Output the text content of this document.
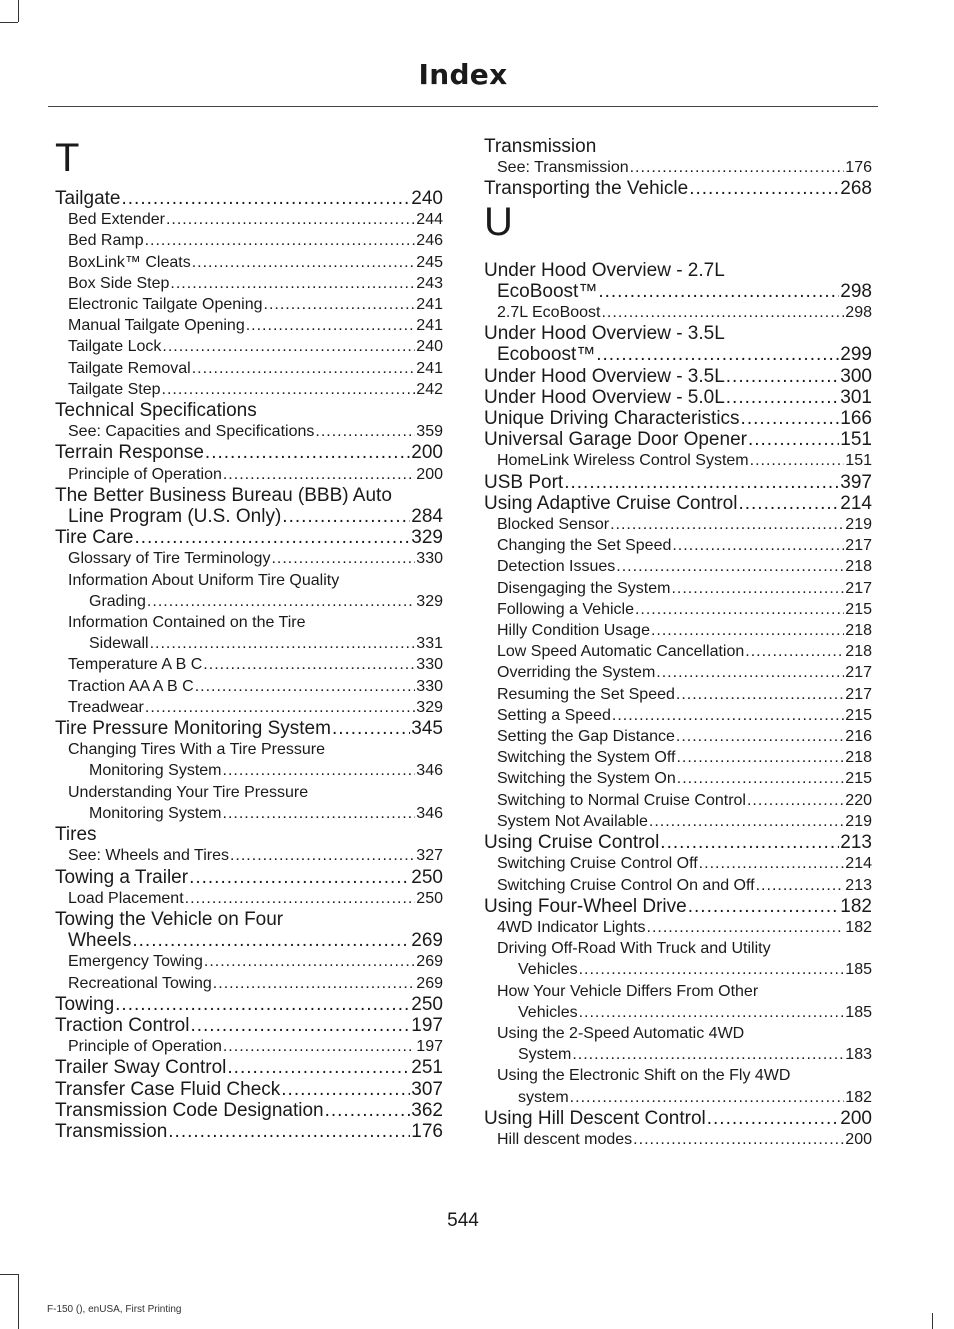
Index
T
Tailgate .....	240
Bed Extender .....	244
Bed Ramp .....	246
BoxLink™ Cleats .....	245
Box Side Step .....	243
Electronic Tailgate Opening .....	241
Manual Tailgate Opening .....	241
Tailgate Lock .....	240
Tailgate Removal .....	241
Tailgate Step .....	242
Technical Specifications
See: Capacities and Specifications .....	359
Terrain Response .....	200
Principle of Operation .....	200
The Better Business Bureau (BBB) Auto
Line Program (U.S. Only) .....	284
Tire Care .....	329
Glossary of Tire Terminology .....	330
Information About Uniform Tire Quality
Grading .....	329
Information Contained on the Tire
Sidewall .....	331
Temperature A B C .....	330
Traction AA A B C .....	330
Treadwear .....	329
Tire Pressure Monitoring System .....	345
Changing Tires With a Tire Pressure
Monitoring System .....	346
Understanding Your Tire Pressure
Monitoring System .....	346
Tires
See: Wheels and Tires .....	327
Towing a Trailer .....	250
Load Placement .....	250
Towing the Vehicle on Four
Wheels .....	269
Emergency Towing .....	269
Recreational Towing .....	269
Towing .....	250
Traction Control .....	197
Principle of Operation .....	197
Trailer Sway Control .....	251
Transfer Case Fluid Check .....	307
Transmission Code Designation .....	362
Transmission .....	176
Transmission
See: Transmission .....	176
Transporting the Vehicle .....	268
U
Under Hood Overview - 2.7L
EcoBoost™ .....	298
2.7L EcoBoost .....	298
Under Hood Overview - 3.5L
Ecoboost™ .....	299
Under Hood Overview - 3.5L .....	300
Under Hood Overview - 5.0L .....	301
Unique Driving Characteristics .....	166
Universal Garage Door Opener .....	151
HomeLink Wireless Control System .....	151
USB Port .....	397
Using Adaptive Cruise Control .....	214
Blocked Sensor .....	219
Changing the Set Speed .....	217
Detection Issues .....	218
Disengaging the System .....	217
Following a Vehicle .....	215
Hilly Condition Usage .....	218
Low Speed Automatic Cancellation .....	218
Overriding the System .....	217
Resuming the Set Speed .....	217
Setting a Speed .....	215
Setting the Gap Distance .....	216
Switching the System Off .....	218
Switching the System On .....	215
Switching to Normal Cruise Control .....	220
System Not Available .....	219
Using Cruise Control .....	213
Switching Cruise Control Off .....	214
Switching Cruise Control On and Off .....	213
Using Four-Wheel Drive .....	182
4WD Indicator Lights .....	182
Driving Off-Road With Truck and Utility
Vehicles .....	185
How Your Vehicle Differs From Other
Vehicles .....	185
Using the 2-Speed Automatic 4WD
System .....	183
Using the Electronic Shift on the Fly 4WD
system .....	182
Using Hill Descent Control .....	200
Hill descent modes .....	200
544
F-150 (), enUSA, First Printing
